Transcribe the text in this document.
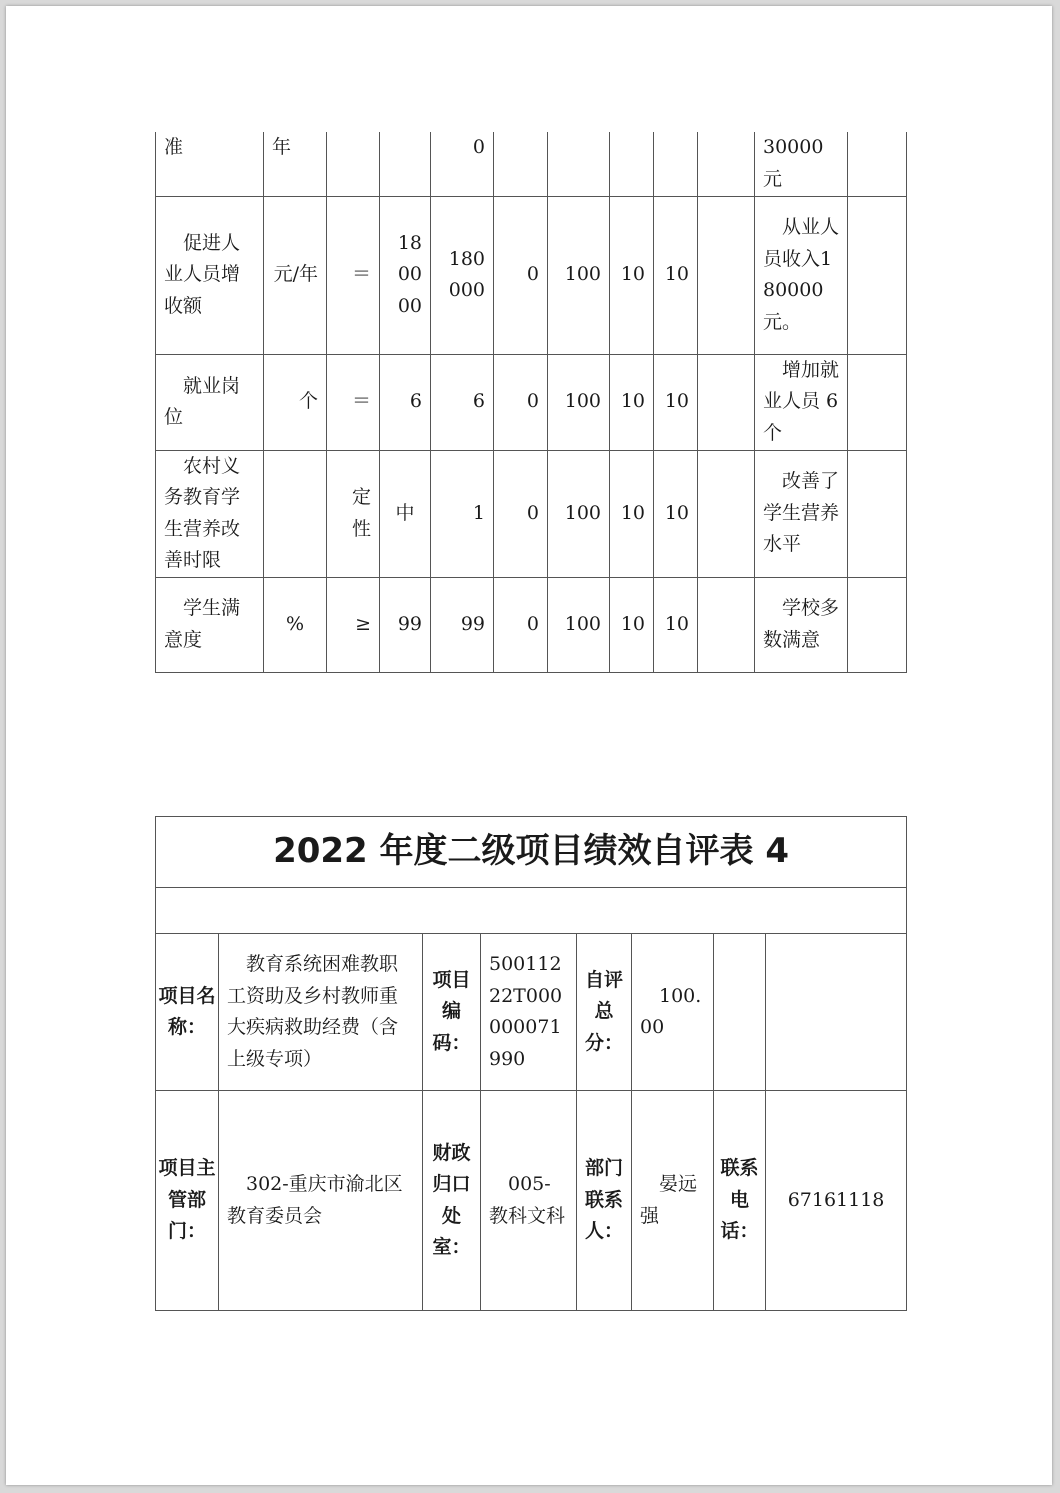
准	年			0						30000元	
促进人业人员增收额	元/年	＝	180000	180000	0	100	10	10		从业人员收入180000元。	
就业岗位	个	＝	6	6	0	100	10	10		增加就业人员 6 个	
农村义务教育学生营养改善时限		定性	中	1	0	100	10	10		改善了学生营养水平	
学生满意度	%	≥	99	99	0	100	10	10		学校多数满意	
2022 年度二级项目绩效自评表 4							

项目名称：	教育系统困难教职工资助及乡村教师重大疾病救助经费（含上级专项）	项目编码：	50011222T000000071990	自评总分：	100.00		
项目主管部门：	302-重庆市渝北区教育委员会	财政归口处室：	005-教科文科	部门联系人：	晏远强	联系电话：	67161118
